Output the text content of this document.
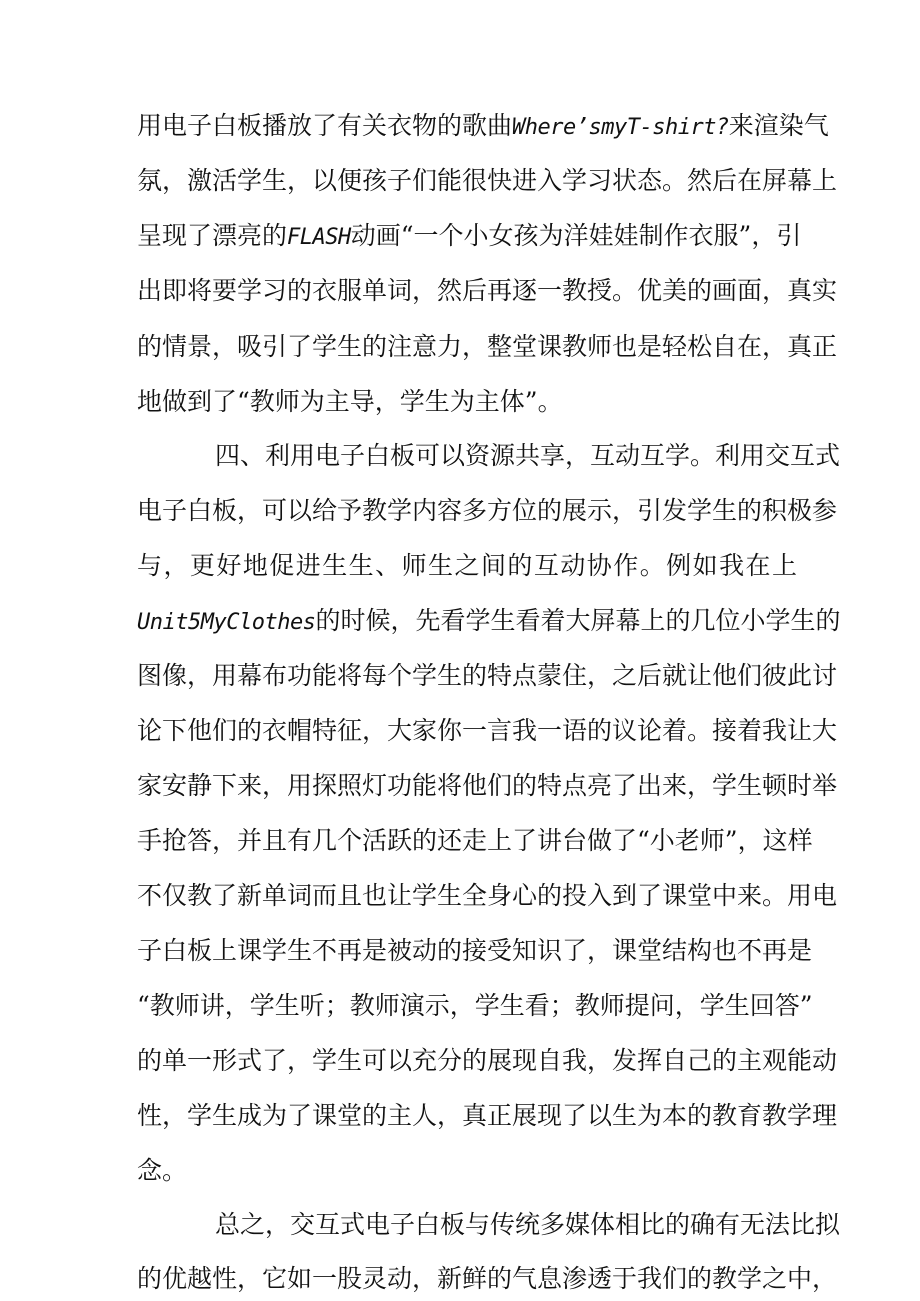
用电子白板播放了有关衣物的歌曲Where’smyT-shirt?来渲染气
氛，激活学生，以便孩子们能很快进入学习状态。然后在屏幕上
呈现了漂亮的FLASH动画“一个小女孩为洋娃娃制作衣服”，引
出即将要学习的衣服单词，然后再逐一教授。优美的画面，真实
的情景，吸引了学生的注意力，整堂课教师也是轻松自在，真正
地做到了“教师为主导，学生为主体”。
四、利用电子白板可以资源共享，互动互学。利用交互式
电子白板，可以给予教学内容多方位的展示，引发学生的积极参
与，更好地促进生生、师生之间的互动协作。例如我在上
Unit5MyClothes的时候，先看学生看着大屏幕上的几位小学生的
图像，用幕布功能将每个学生的特点蒙住，之后就让他们彼此讨
论下他们的衣帽特征，大家你一言我一语的议论着。接着我让大
家安静下来，用探照灯功能将他们的特点亮了出来，学生顿时举
手抢答，并且有几个活跃的还走上了讲台做了“小老师”，这样
不仅教了新单词而且也让学生全身心的投入到了课堂中来。用电
子白板上课学生不再是被动的接受知识了，课堂结构也不再是
“教师讲，学生听；教师演示，学生看；教师提问，学生回答”
的单一形式了，学生可以充分的展现自我，发挥自己的主观能动
性，学生成为了课堂的主人，真正展现了以生为本的教育教学理
念。
总之，交互式电子白板与传统多媒体相比的确有无法比拟
的优越性，它如一股灵动，新鲜的气息渗透于我们的教学之中，
